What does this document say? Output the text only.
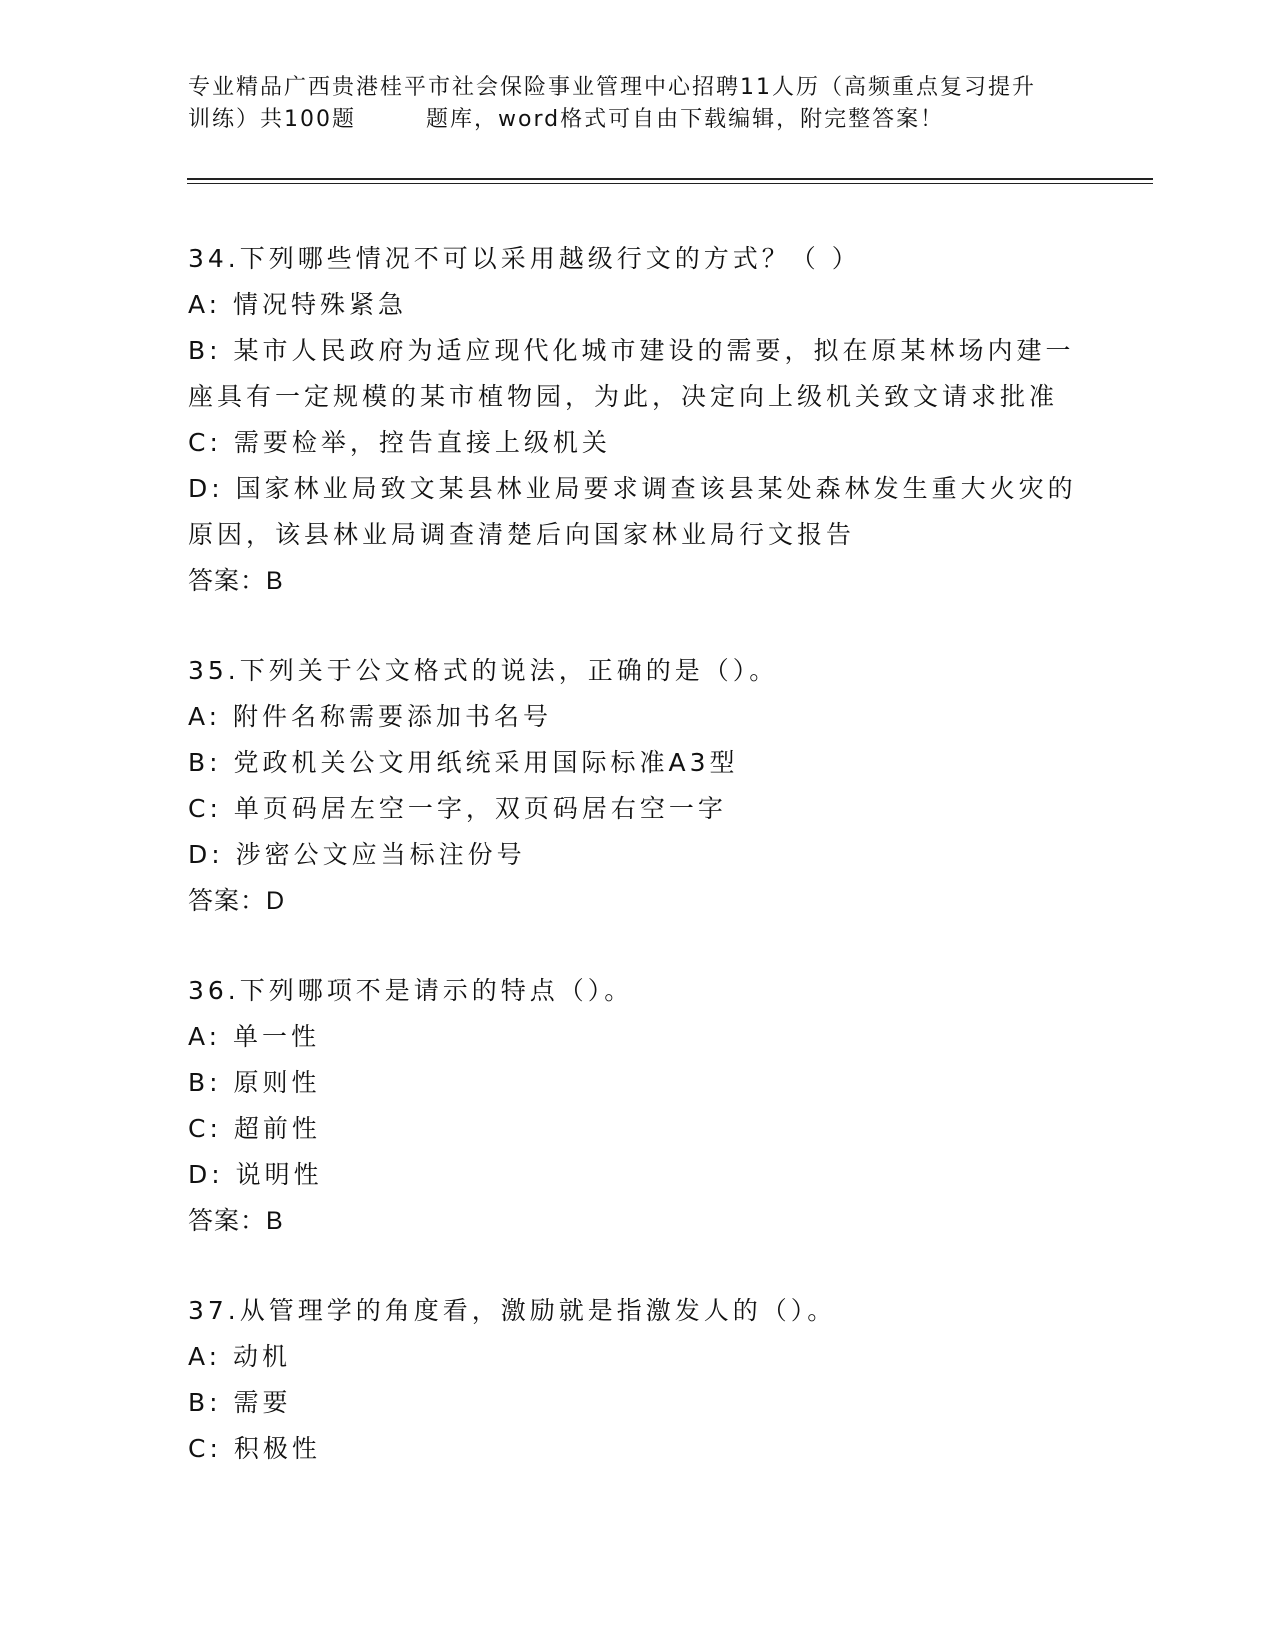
专业精品广西贵港桂平市社会保险事业管理中心招聘11人历（高频重点复习提升
训练）共100题	题库，word格式可自由下载编辑，附完整答案！
34.下列哪些情况不可以采用越级行文的方式？（ ）
A: 情况特殊紧急
B: 某市人民政府为适应现代化城市建设的需要，拟在原某林场内建一
座具有一定规模的某市植物园，为此，决定向上级机关致文请求批准
C: 需要检举，控告直接上级机关
D: 国家林业局致文某县林业局要求调查该县某处森林发生重大火灾的
原因，该县林业局调查清楚后向国家林业局行文报告
答案：B
35.下列关于公文格式的说法，正确的是（）。
A: 附件名称需要添加书名号
B: 党政机关公文用纸统采用国际标准A3型
C: 单页码居左空一字，双页码居右空一字
D: 涉密公文应当标注份号
答案：D
36.下列哪项不是请示的特点（）。
A: 单一性
B: 原则性
C: 超前性
D: 说明性
答案：B
37.从管理学的角度看，激励就是指激发人的（）。
A: 动机
B: 需要
C: 积极性
